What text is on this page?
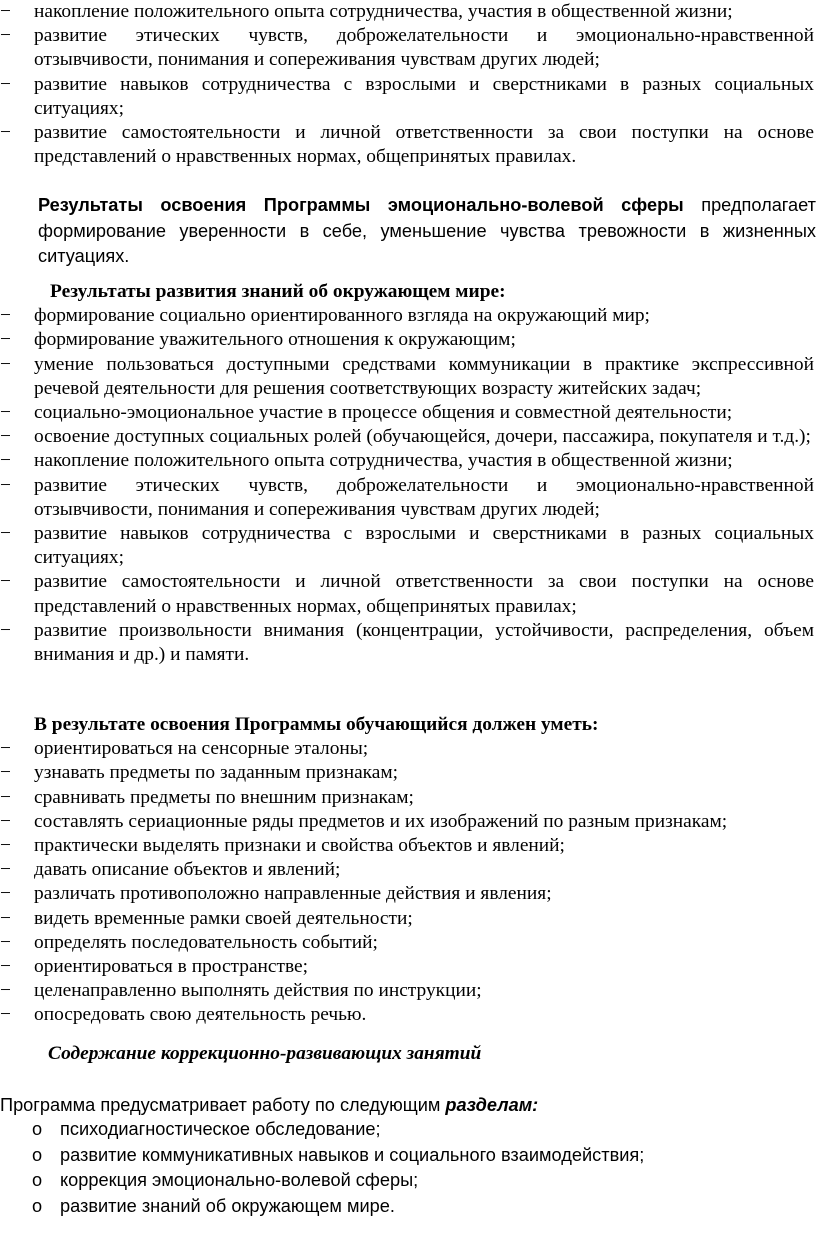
− накопление положительного опыта сотрудничества, участия в общественной жизни;
− развитие этических чувств, доброжелательности и эмоционально-нравственной отзывчивости, понимания и сопереживания чувствам других людей;
− развитие навыков сотрудничества с взрослыми и сверстниками в разных социальных ситуациях;
− развитие самостоятельности и личной ответственности за свои поступки на основе представлений о нравственных нормах, общепринятых правилах.
Результаты освоения Программы эмоционально-волевой сферы предполагает формирование уверенности в себе, уменьшение чувства тревожности в жизненных ситуациях.
Результаты развития знаний об окружающем мире:
− формирование социально ориентированного взгляда на окружающий мир;
− формирование уважительного отношения к окружающим;
− умение пользоваться доступными средствами коммуникации в практике экспрессивной речевой деятельности для решения соответствующих возрасту житейских задач;
− социально-эмоциональное участие в процессе общения и совместной деятельности;
− освоение доступных социальных ролей (обучающейся, дочери, пассажира, покупателя и т.д.);
− накопление положительного опыта сотрудничества, участия в общественной жизни;
− развитие этических чувств, доброжелательности и эмоционально-нравственной отзывчивости, понимания и сопереживания чувствам других людей;
− развитие навыков сотрудничества с взрослыми и сверстниками в разных социальных ситуациях;
− развитие самостоятельности и личной ответственности за свои поступки на основе представлений о нравственных нормах, общепринятых правилах;
− развитие произвольности внимания (концентрации, устойчивости, распределения, объем внимания и др.) и памяти.
В результате освоения Программы обучающийся должен уметь:
− ориентироваться на сенсорные эталоны;
− узнавать предметы по заданным признакам;
− сравнивать предметы по внешним признакам;
− составлять сериационные ряды предметов и их изображений по разным признакам;
− практически выделять признаки и свойства объектов и явлений;
− давать описание объектов и явлений;
− различать противоположно направленные действия и явления;
− видеть временные рамки своей деятельности;
− определять последовательность событий;
− ориентироваться в пространстве;
− целенаправленно выполнять действия по инструкции;
− опосредовать свою деятельность речью.
Содержание коррекционно-развивающих занятий
Программа предусматривает работу по следующим разделам:
o психодиагностическое обследование;
o развитие коммуникативных навыков и социального взаимодействия;
o коррекция эмоционально-волевой сферы;
o развитие знаний об окружающем мире.
